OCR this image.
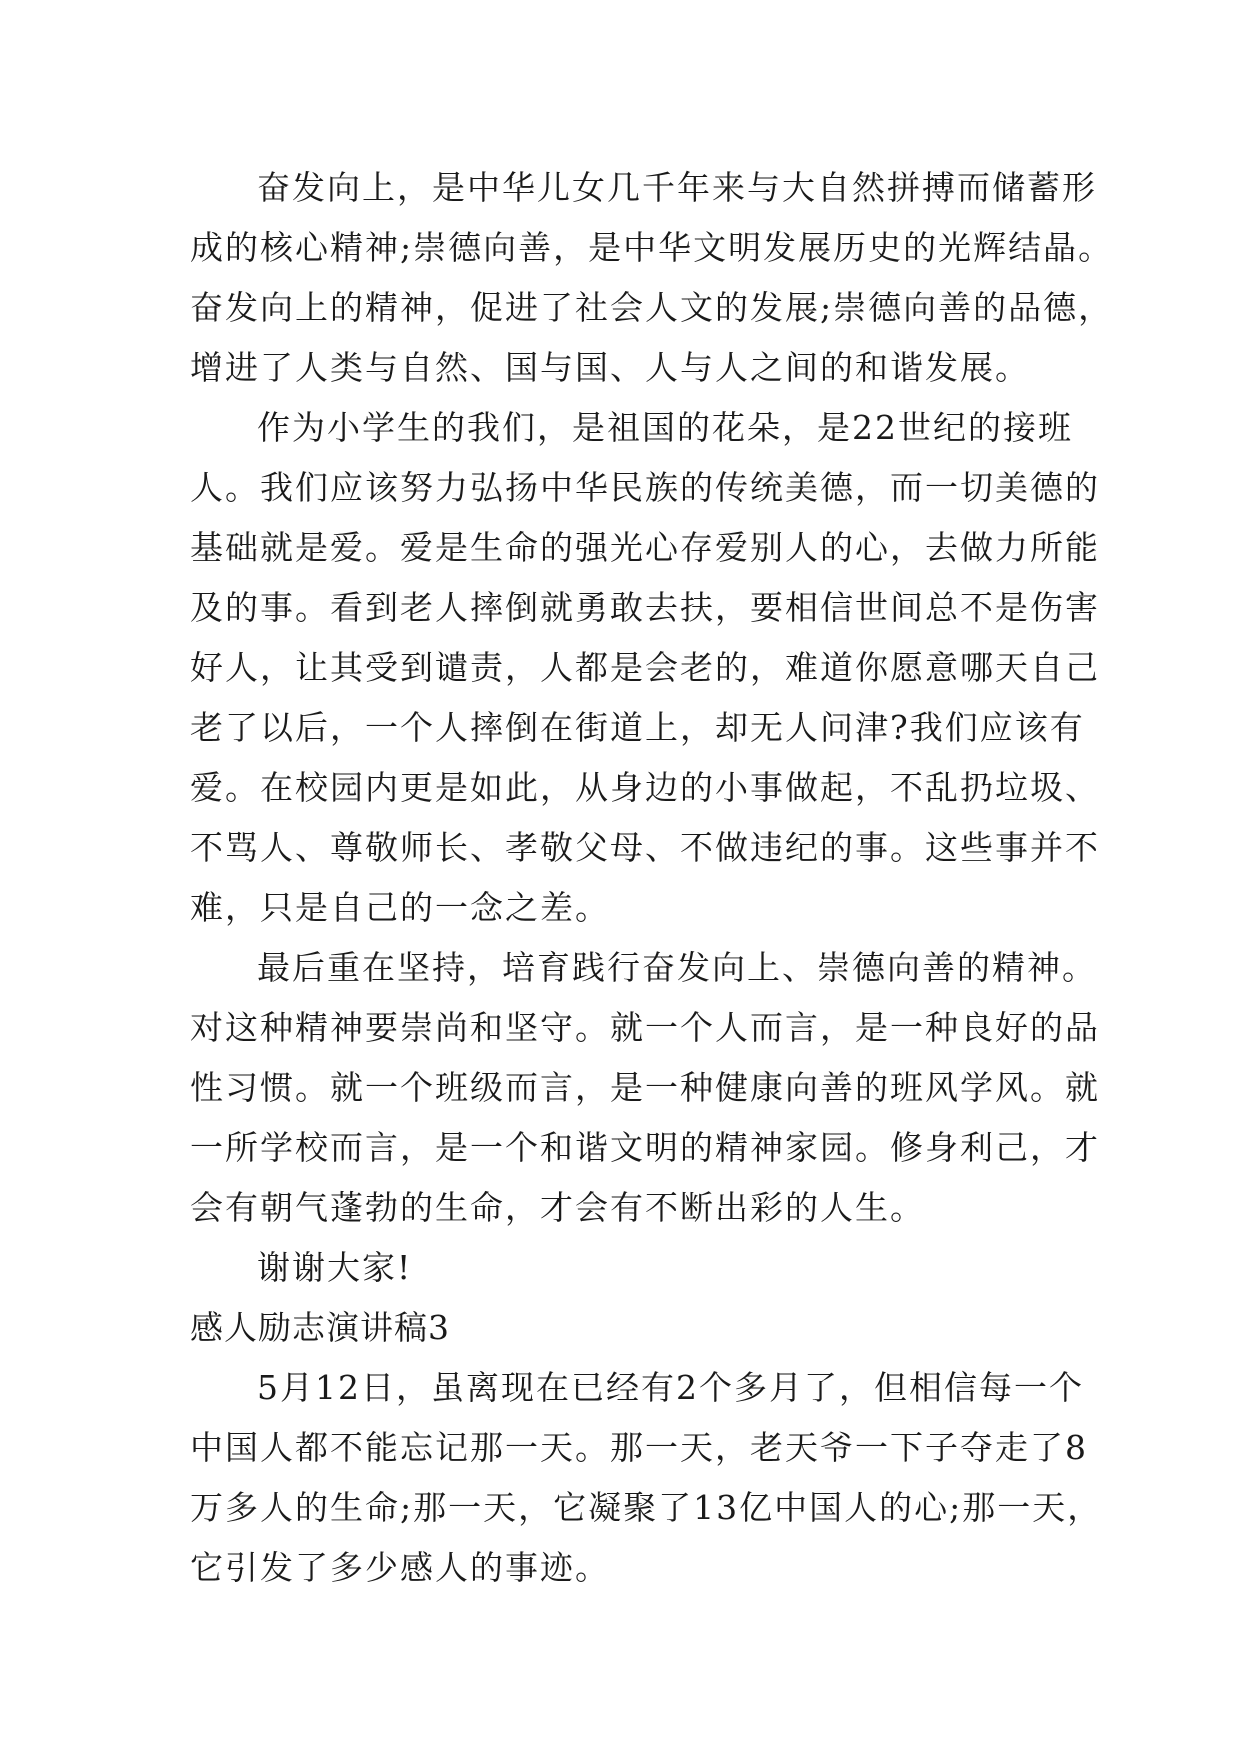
奋发向上，是中华儿女几千年来与大自然拼搏而储蓄形
成的核心精神;崇德向善，是中华文明发展历史的光辉结晶。
奋发向上的精神，促进了社会人文的发展;崇德向善的品德，
增进了人类与自然、国与国、人与人之间的和谐发展。
作为小学生的我们，是祖国的花朵，是22世纪的接班
人。我们应该努力弘扬中华民族的传统美德，而一切美德的
基础就是爱。爱是生命的强光心存爱别人的心，去做力所能
及的事。看到老人摔倒就勇敢去扶，要相信世间总不是伤害
好人，让其受到谴责，人都是会老的，难道你愿意哪天自己
老了以后，一个人摔倒在街道上，却无人问津?我们应该有
爱。在校园内更是如此，从身边的小事做起，不乱扔垃圾、
不骂人、尊敬师长、孝敬父母、不做违纪的事。这些事并不
难，只是自己的一念之差。
最后重在坚持，培育践行奋发向上、崇德向善的精神。
对这种精神要崇尚和坚守。就一个人而言，是一种良好的品
性习惯。就一个班级而言，是一种健康向善的班风学风。就
一所学校而言，是一个和谐文明的精神家园。修身利己，才
会有朝气蓬勃的生命，才会有不断出彩的人生。
谢谢大家!
感人励志演讲稿3
5月12日，虽离现在已经有2个多月了，但相信每一个
中国人都不能忘记那一天。那一天，老天爷一下子夺走了8
万多人的生命;那一天，它凝聚了13亿中国人的心;那一天，
它引发了多少感人的事迹。
